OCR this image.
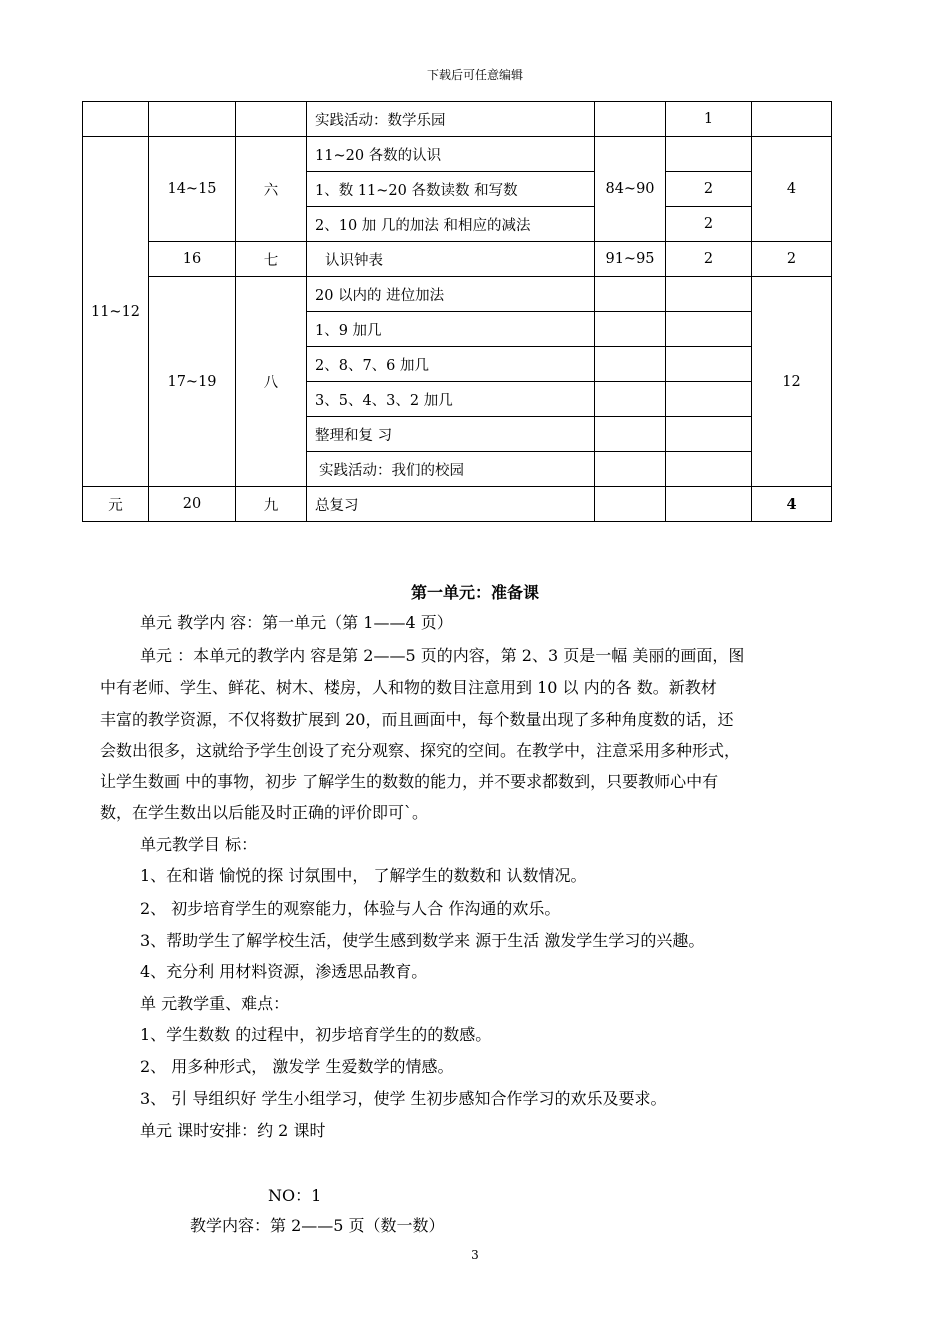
下载后可任意编辑
			实践活动：数学乐园		1	
11~12	14~15	六	11~20 各数的认识	84~90		4
			1、数 11~20 各数读数 和写数		2	
			2、10 加 几的加法 和相应的减法		2	
	16	七	认识钟表	91~95	2	2
	17~19	八	20 以内的 进位加法			12
			1、9 加几			
			2、8、7、6 加几			
			3、5、4、3、2 加几			
			整理和复 习			
			实践活动：我们的校园			
元	20	九	总复习			4
第一单元：准备课
单元 教学内 容：第一单元（第 1——4 页）
单元 ：本单元的教学内 容是第 2——5 页的内容，第 2、3 页是一幅 美丽的画面，图
中有老师、学生、鲜花、树木、楼房，人和物的数目注意用到 10 以 内的各 数。新教材
丰富的教学资源，不仅将数扩展到 20，而且画面中，每个数量出现了多种角度数的话，还
会数出很多，这就给予学生创设了充分观察、探究的空间。在教学中，注意采用多种形式，
让学生数画 中的事物，初步 了解学生的数数的能力，并不要求都数到，只要教师心中有
数，在学生数出以后能及时正确的评价即可`。
单元教学目 标：
1、在和谐 愉悦的探 讨氛围中， 了解学生的数数和 认数情况。
2、 初步培育学生的观察能力，体验与人合 作沟通的欢乐。
3、帮助学生了解学校生活，使学生感到数学来 源于生活 激发学生学习的兴趣。
4、充分利 用材料资源，渗透思品教育。
单 元教学重、难点：
1、学生数数 的过程中，初步培育学生的的数感。
2、 用多种形式， 激发学 生爱数学的情感。
3、 引 导组织好 学生小组学习，使学 生初步感知合作学习的欢乐及要求。
单元 课时安排：约 2 课时
NO：1
教学内容：第 2——5 页（数一数）
3
